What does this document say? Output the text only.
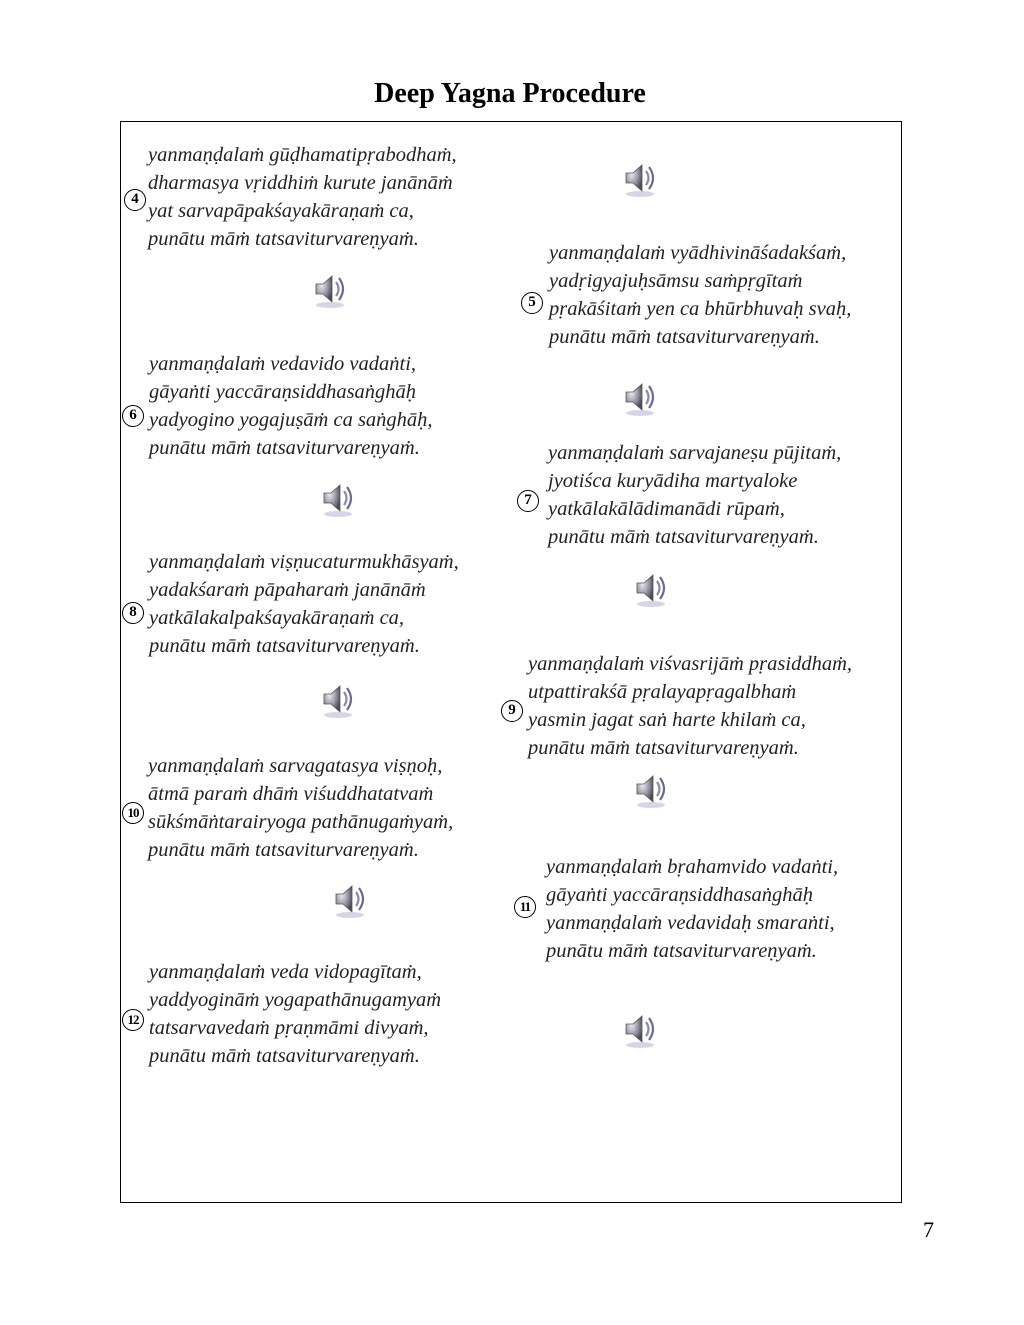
Deep Yagna Procedure
4
yanmaṇḍalaṁ gūḍhamatipṛabodhaṁ,
dharmasya vṛiddhiṁ kurute janānāṁ
yat sarvapāpakśayakāraṇaṁ ca,
punātu māṁ tatsaviturvareṇyaṁ.
5
yanmaṇḍalaṁ vyādhivināśadakśaṁ,
yadṛigyajuḥsāmsu saṁpṛgītaṁ
pṛakāśitaṁ yen ca bhūrbhuvaḥ svaḥ,
punātu māṁ tatsaviturvareṇyaṁ.
6
yanmaṇḍalaṁ vedavido vadaṅti,
gāyaṅti yaccāraṇsiddhasaṅghāḥ
yadyogino yogajuṣāṁ ca saṅghāḥ,
punātu māṁ tatsaviturvareṇyaṁ.
7
yanmaṇḍalaṁ sarvajaneṣu pūjitaṁ,
jyotiśca kuryādiha martyaloke
yatkālakālādimanādi rūpaṁ,
punātu māṁ tatsaviturvareṇyaṁ.
8
yanmaṇḍalaṁ viṣṇucaturmukhāsyaṁ,
yadakśaraṁ pāpaharaṁ janānāṁ
yatkālakalpakśayakāraṇaṁ ca,
punātu māṁ tatsaviturvareṇyaṁ.
9
yanmaṇḍalaṁ viśvasrijāṁ pṛasiddhaṁ,
utpattirakśā pṛalayapṛagalbhaṁ
yasmin jagat saṅ harte khilaṁ ca,
punātu māṁ tatsaviturvareṇyaṁ.
10
yanmaṇḍalaṁ sarvagatasya viṣṇoḥ,
ātmā paraṁ dhāṁ viśuddhatatvaṁ
sūkśmāṅtarairyoga pathānugaṁyaṁ,
punātu māṁ tatsaviturvareṇyaṁ.
11
yanmaṇḍalaṁ bṛahamvido vadaṅti,
gāyaṅti yaccāraṇsiddhasaṅghāḥ
yanmaṇḍalaṁ vedavidaḥ smaraṅti,
punātu māṁ tatsaviturvareṇyaṁ.
12
yanmaṇḍalaṁ veda vidopagītaṁ,
yaddyogināṁ yogapathānugamyaṁ
tatsarvavedaṁ pṛaṇmāmi divyaṁ,
punātu māṁ tatsaviturvareṇyaṁ.
7
